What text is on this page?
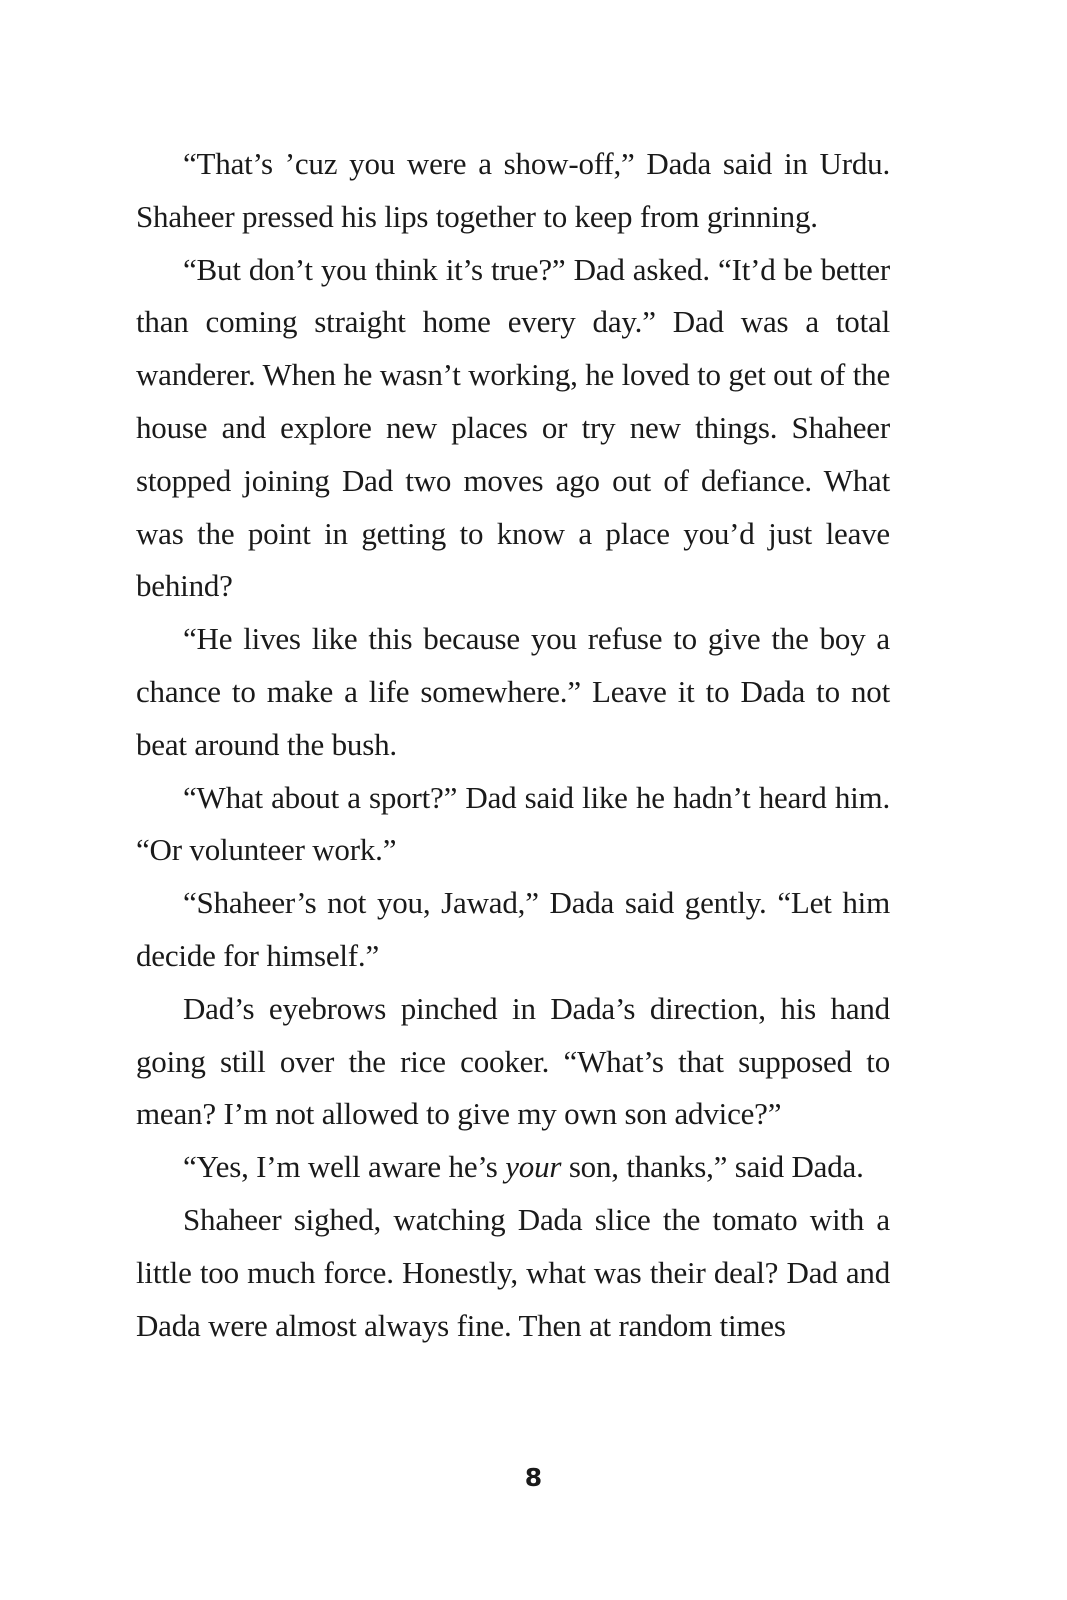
“That’s ’cuz you were a show-off,” Dada said in Urdu. Shaheer pressed his lips together to keep from grinning.

“But don’t you think it’s true?” Dad asked. “It’d be better than coming straight home every day.” Dad was a total wanderer. When he wasn’t working, he loved to get out of the house and explore new places or try new things. Shaheer stopped joining Dad two moves ago out of defiance. What was the point in getting to know a place you’d just leave behind?

“He lives like this because you refuse to give the boy a chance to make a life somewhere.” Leave it to Dada to not beat around the bush.

“What about a sport?” Dad said like he hadn’t heard him. “Or volunteer work.”

“Shaheer’s not you, Jawad,” Dada said gently. “Let him decide for himself.”

Dad’s eyebrows pinched in Dada’s direction, his hand going still over the rice cooker. “What’s that supposed to mean? I’m not allowed to give my own son advice?”

“Yes, I’m well aware he’s your son, thanks,” said Dada.

Shaheer sighed, watching Dada slice the tomato with a little too much force. Honestly, what was their deal? Dad and Dada were almost always fine. Then at random times

8
